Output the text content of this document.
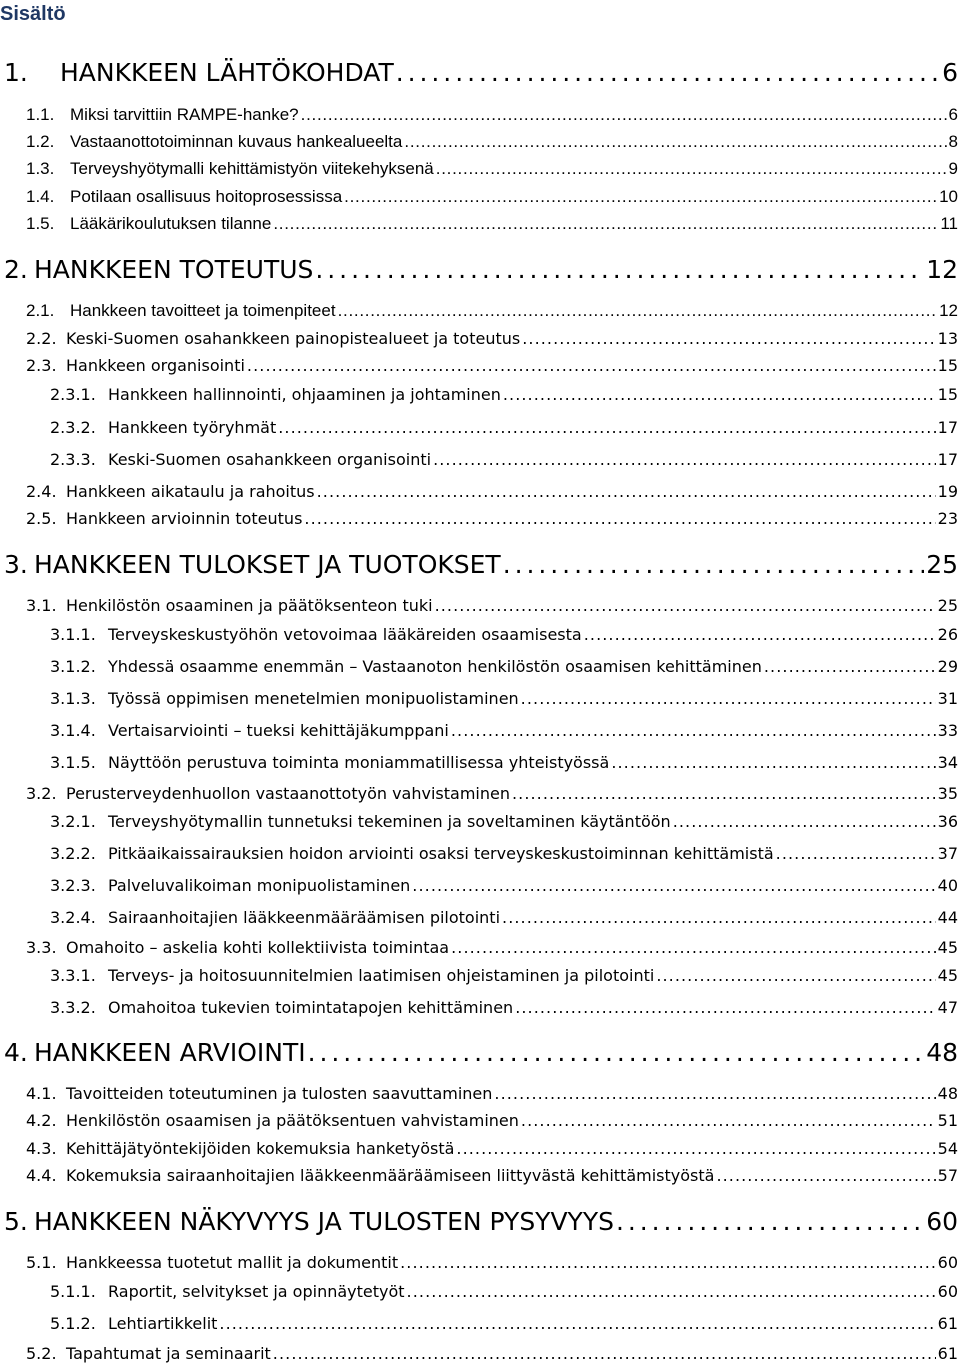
Sisältö
1.	HANKKEEN LÄHTÖKOHDAT . . .	6
1.1. Miksi tarvittiin RAMPE-hanke? . . .	6
1.2. Vastaanottotoiminnan kuvaus hankealueelta . . .	8
1.3. Terveyshyötymalli kehittämistyön viitekehyksenä . . .	9
1.4. Potilaan osallisuus hoitoprosessissa . . .	10
1.5. Lääkärikoulutuksen tilanne . . .	11
2. HANKKEEN TOTEUTUS . . .	12
2.1. Hankkeen tavoitteet ja toimenpiteet . . .	12
2.2. Keski-Suomen osahankkeen painopistealueet ja toteutus . . .	13
2.3. Hankkeen organisointi . . .	15
2.3.1. Hankkeen hallinnointi, ohjaaminen ja johtaminen . . .	15
2.3.2. Hankkeen työryhmät . . .	17
2.3.3. Keski-Suomen osahankkeen organisointi . . .	17
2.4. Hankkeen aikataulu ja rahoitus . . .	19
2.5. Hankkeen arvioinnin toteutus . . .	23
3. HANKKEEN TULOKSET JA TUOTOKSET . . .	25
3.1. Henkilöstön osaaminen ja päätöksenteon tuki . . .	25
3.1.1. Terveyskeskustyöhön vetovoimaa lääkäreiden osaamisesta . . .	26
3.1.2. Yhdessä osaamme enemmän – Vastaanoton henkilöstön osaamisen kehittäminen . . .	29
3.1.3. Työssä oppimisen menetelmien monipuolistaminen . . .	31
3.1.4. Vertaisarviointi – tueksi kehittäjäkumppani . . .	33
3.1.5. Näyttöön perustuva toiminta moniammatillisessa yhteistyössä . . .	34
3.2. Perusterveydenhuollon vastaanottotyön vahvistaminen . . .	35
3.2.1. Terveyshyötymallin tunnetuksi tekeminen ja soveltaminen käytäntöön . . .	36
3.2.2. Pitkäaikaissairauksien hoidon arviointi osaksi terveyskeskustoiminnan kehittämistä . . .	37
3.2.3. Palveluvalikoiman monipuolistaminen . . .	40
3.2.4. Sairaanhoitajien lääkkeenmääräämisen pilotointi . . .	44
3.3. Omahoito – askelia kohti kollektiivista toimintaa . . .	45
3.3.1. Terveys- ja hoitosuunnitelmien laatimisen ohjeistaminen ja pilotointi . . .	45
3.3.2. Omahoitoa tukevien toimintatapojen kehittäminen . . .	47
4. HANKKEEN ARVIOINTI . . .	48
4.1. Tavoitteiden toteutuminen ja tulosten saavuttaminen . . .	48
4.2. Henkilöstön osaamisen ja päätöksentuen vahvistaminen . . .	51
4.3. Kehittäjätyöntekijöiden kokemuksia hanketyöstä . . .	54
4.4. Kokemuksia sairaanhoitajien lääkkeenmääräämiseen liittyvästä kehittämistyöstä . . .	57
5. HANKKEEN NÄKYVYYS JA TULOSTEN PYSYVYYS . . .	60
5.1. Hankkeessa tuotetut mallit ja dokumentit . . .	60
5.1.1. Raportit, selvitykset ja opinnäytetyöt . . .	60
5.1.2. Lehtiartikkelit . . .	61
5.2. Tapahtumat ja seminaarit . . .	61
